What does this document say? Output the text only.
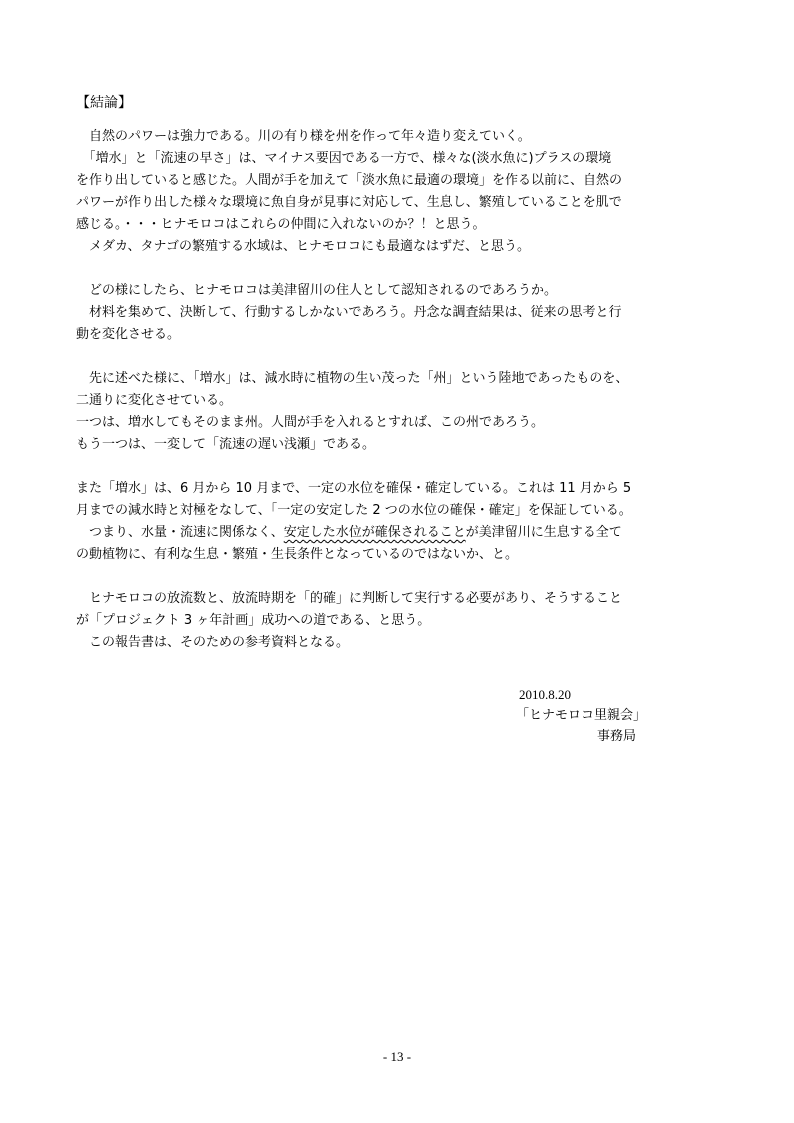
【結論】
　自然のパワーは強力である。川の有り様を州を作って年々造り変えていく。
　「増水」と「流速の早さ」は、マイナス要因である一方で、様々な(淡水魚に)プラスの環境
を作り出していると感じた。人間が手を加えて「淡水魚に最適の環境」を作る以前に、自然の
パワーが作り出した様々な環境に魚自身が見事に対応して、生息し、繁殖していることを肌で
感じる。・・・ヒナモロコはこれらの仲間に入れないのか？！と思う。
　メダカ、タナゴの繁殖する水域は、ヒナモロコにも最適なはずだ、と思う。
　どの様にしたら、ヒナモロコは美津留川の住人として認知されるのであろうか。
　材料を集めて、決断して、行動するしかないであろう。丹念な調査結果は、従来の思考と行
動を変化させる。
　先に述べた様に、「増水」は、減水時に植物の生い茂った「州」という陸地であったものを、
二通りに変化させている。
一つは、増水してもそのまま州。人間が手を入れるとすれば、この州であろう。
もう一つは、一変して「流速の遅い浅瀬」である。
また「増水」は、6 月から 10 月まで、一定の水位を確保・確定している。これは 11 月から 5
月までの減水時と対極をなして、「一定の安定した 2 つの水位の確保・確定」を保証している。
　つまり、水量・流速に関係なく、安定した水位が確保されることが美津留川に生息する全て
の動植物に、有利な生息・繁殖・生長条件となっているのではないか、と。
　ヒナモロコの放流数と、放流時期を「的確」に判断して実行する必要があり、そうすること
が「プロジェクト 3 ヶ年計画」成功への道である、と思う。
　この報告書は、そのための参考資料となる。
2010.8.20
「ヒナモロコ里親会」
事務局
- 13 -
